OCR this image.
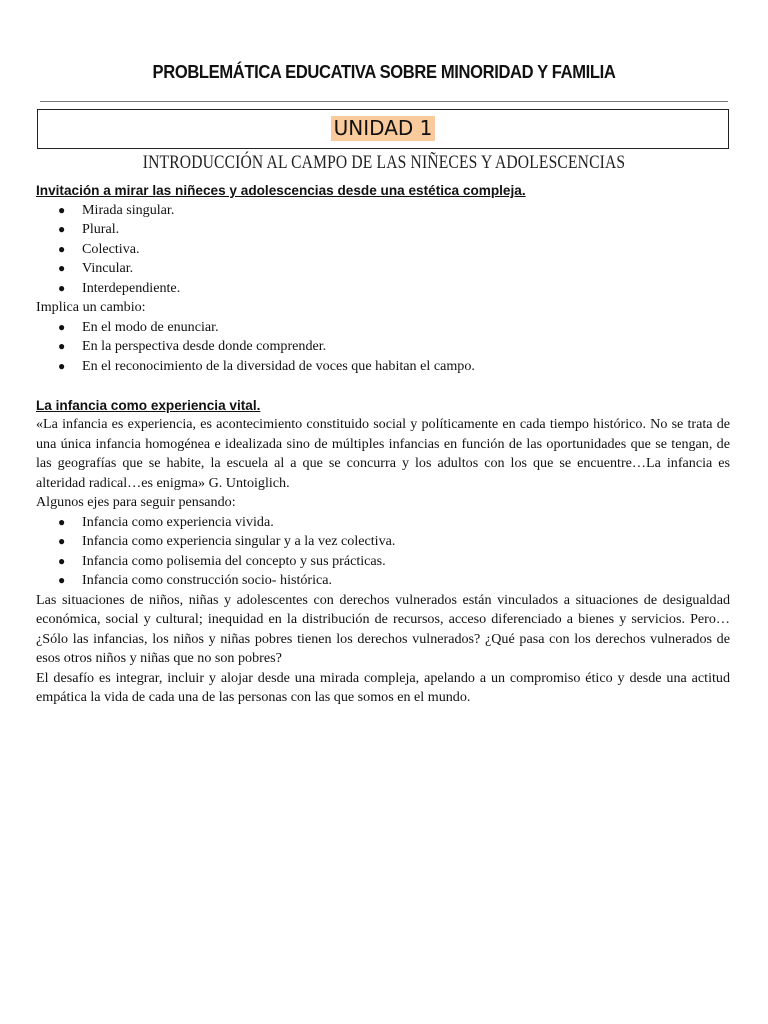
PROBLEMÁTICA EDUCATIVA SOBRE MINORIDAD Y FAMILIA
UNIDAD 1
INTRODUCCIÓN AL CAMPO DE LAS NIÑECES Y ADOLESCENCIAS
Invitación a mirar las niñeces y adolescencias desde una estética compleja.
● Mirada singular.
● Plural.
● Colectiva.
● Vincular.
● Interdependiente.
Implica un cambio:
● En el modo de enunciar.
● En la perspectiva desde donde comprender.
● En el reconocimiento de la diversidad de voces que habitan el campo.
La infancia como experiencia vital.
«La infancia es experiencia, es acontecimiento constituido social y políticamente en cada tiempo histórico. No se trata de una única infancia homogénea e idealizada sino de múltiples infancias en función de las oportunidades que se tengan, de las geografías que se habite, la escuela al a que se concurra y los adultos con los que se encuentre…La infancia es alteridad radical…es enigma» G. Untoiglich.
Algunos ejes para seguir pensando:
● Infancia como experiencia vivida.
● Infancia como experiencia singular y a la vez colectiva.
● Infancia como polisemia del concepto y sus prácticas.
● Infancia como construcción socio- histórica.
Las situaciones de niños, niñas y adolescentes con derechos vulnerados están vinculados a situaciones de desigualdad económica, social y cultural; inequidad en la distribución de recursos, acceso diferenciado a bienes y servicios. Pero… ¿Sólo las infancias, los niños y niñas pobres tienen los derechos vulnerados? ¿Qué pasa con los derechos vulnerados de esos otros niños y niñas que no son pobres?
El desafío es integrar, incluir y alojar desde una mirada compleja, apelando a un compromiso ético y desde una actitud empática la vida de cada una de las personas con las que somos en el mundo.
